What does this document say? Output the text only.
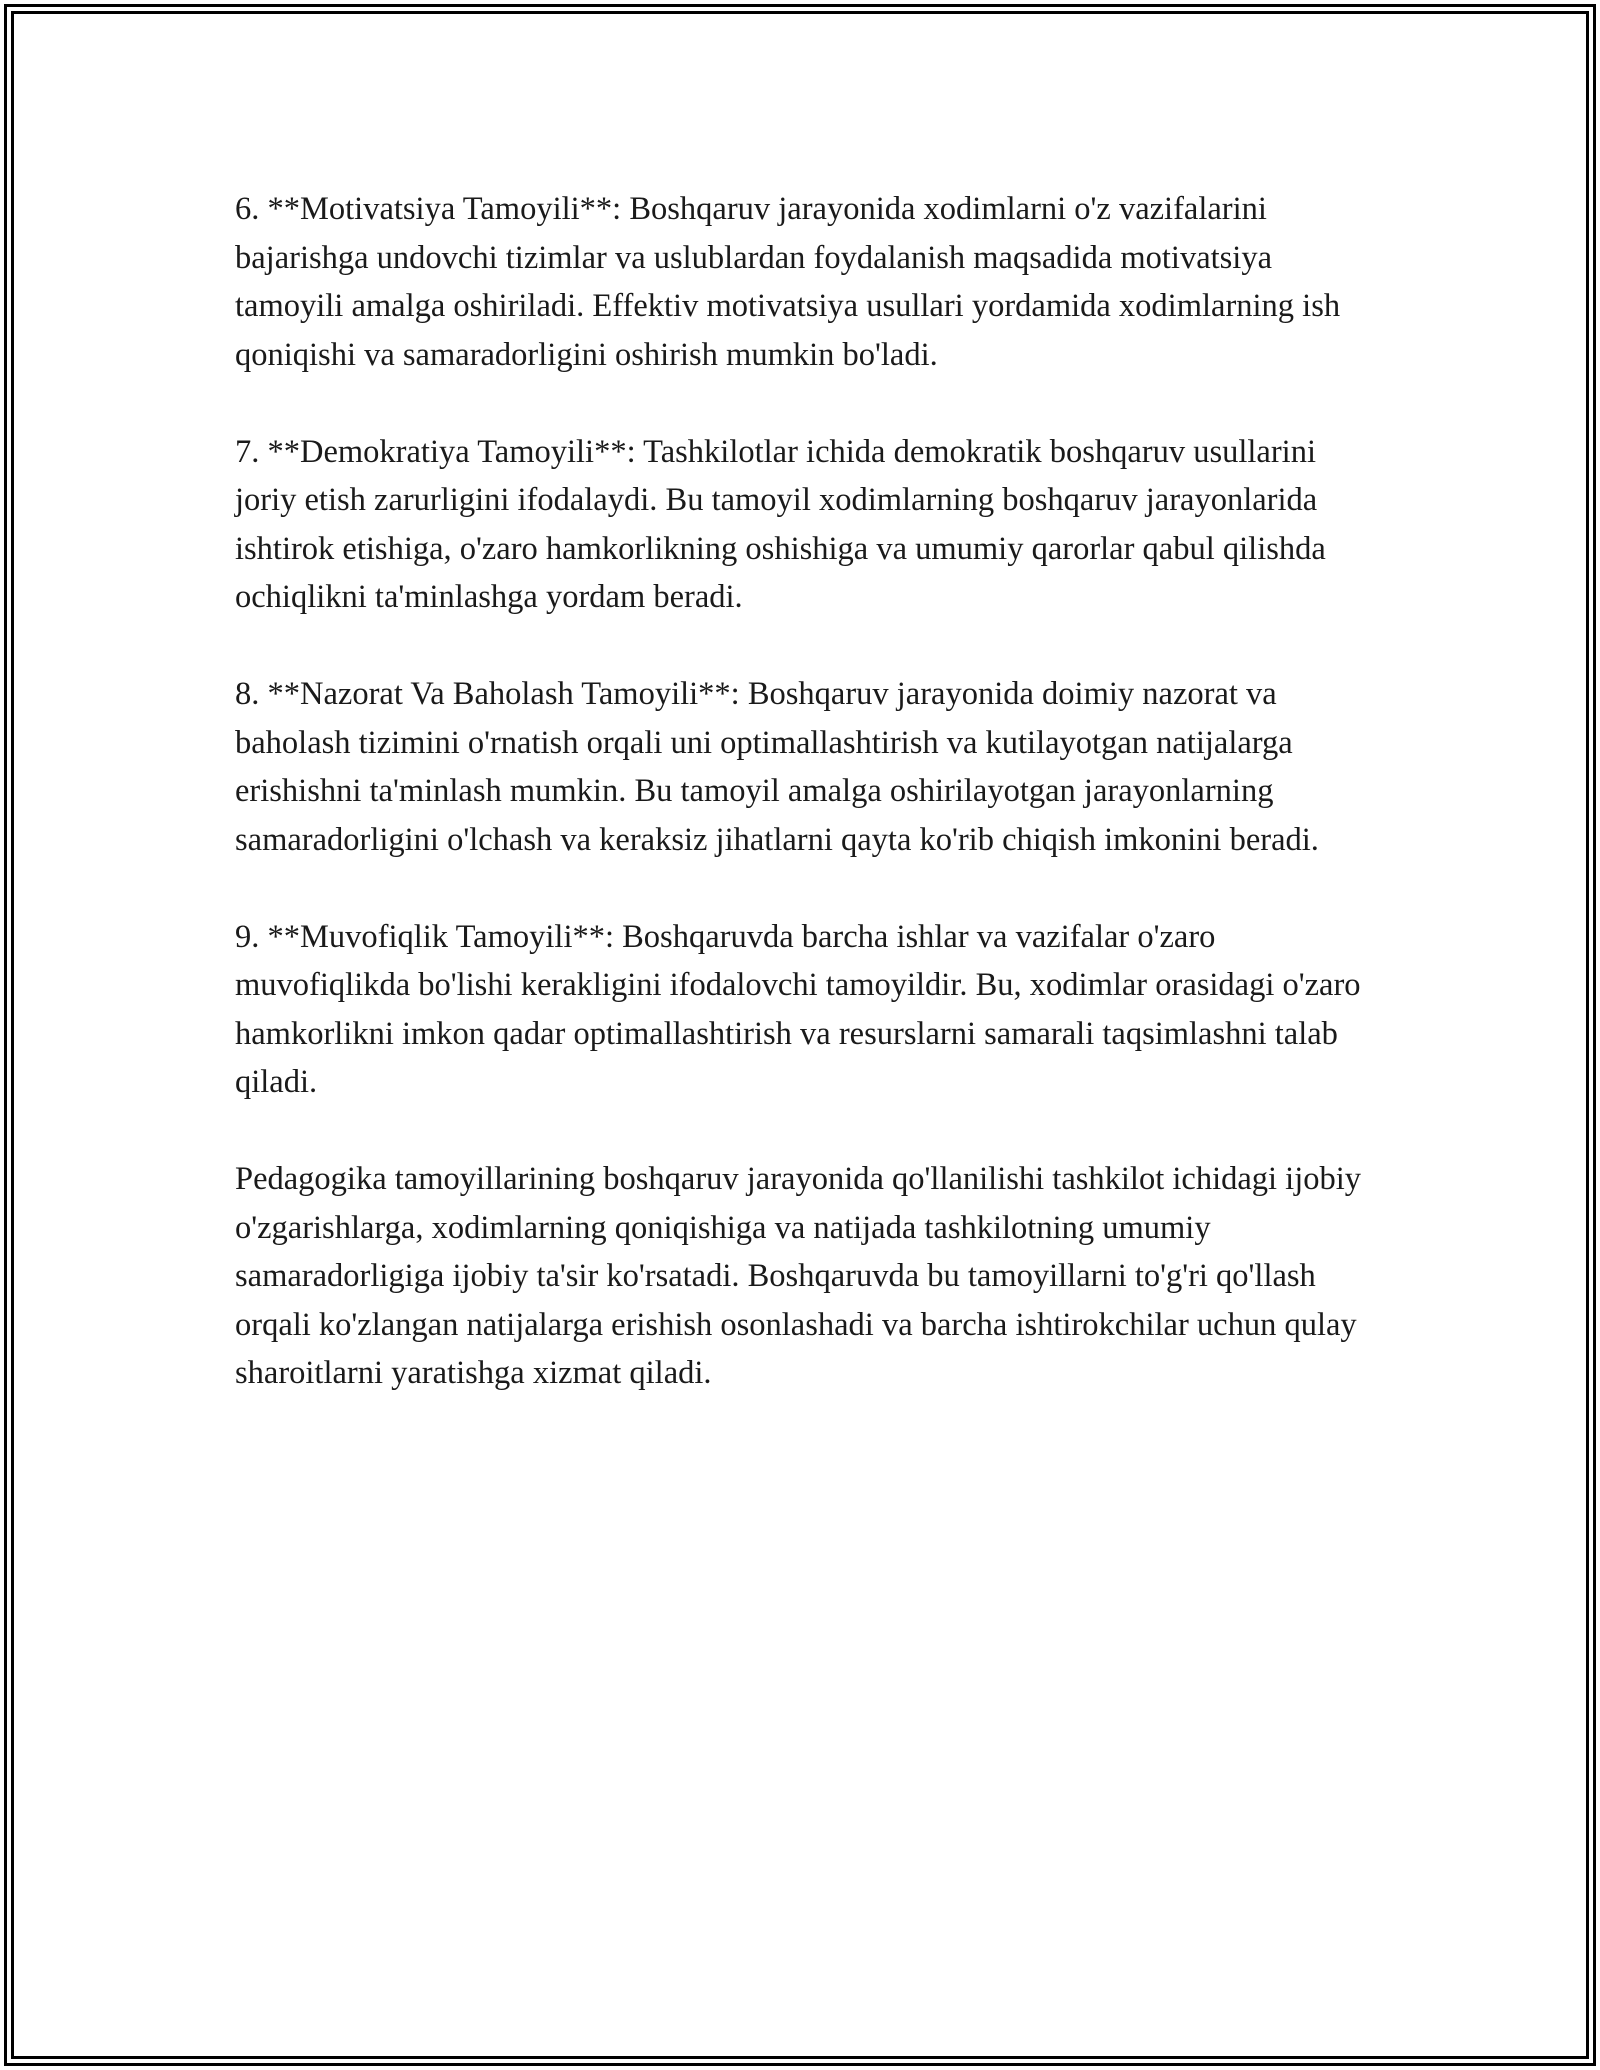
6. **Motivatsiya Tamoyili**: Boshqaruv jarayonida xodimlarni o'z vazifalarini bajarishga undovchi tizimlar va uslublardan foydalanish maqsadida motivatsiya tamoyili amalga oshiriladi. Effektiv motivatsiya usullari yordamida xodimlarning ish qoniqishi va samaradorligini oshirish mumkin bo'ladi.

7. **Demokratiya Tamoyili**: Tashkilotlar ichida demokratik boshqaruv usullarini joriy etish zarurligini ifodalaydi. Bu tamoyil xodimlarning boshqaruv jarayonlarida ishtirok etishiga, o'zaro hamkorlikning oshishiga va umumiy qarorlar qabul qilishda ochiqlikni ta'minlashga yordam beradi.

8. **Nazorat Va Baholash Tamoyili**: Boshqaruv jarayonida doimiy nazorat va baholash tizimini o'rnatish orqali uni optimallashtirish va kutilayotgan natijalarga erishishni ta'minlash mumkin. Bu tamoyil amalga oshirilayotgan jarayonlarning samaradorligini o'lchash va keraksiz jihatlarni qayta ko'rib chiqish imkonini beradi.

9. **Muvofiqlik Tamoyili**: Boshqaruvda barcha ishlar va vazifalar o'zaro muvofiqlikda bo'lishi kerakligini ifodalovchi tamoyildir. Bu, xodimlar orasidagi o'zaro hamkorlikni imkon qadar optimallashtirish va resurslarni samarali taqsimlashni talab qiladi.

Pedagogika tamoyillarining boshqaruv jarayonida qo'llanilishi tashkilot ichidagi ijobiy o'zgarishlarga, xodimlarning qoniqishiga va natijada tashkilotning umumiy samaradorligiga ijobiy ta'sir ko'rsatadi. Boshqaruvda bu tamoyillarni to'g'ri qo'llash orqali ko'zlangan natijalarga erishish osonlashadi va barcha ishtirokchilar uchun qulay sharoitlarni yaratishga xizmat qiladi.
